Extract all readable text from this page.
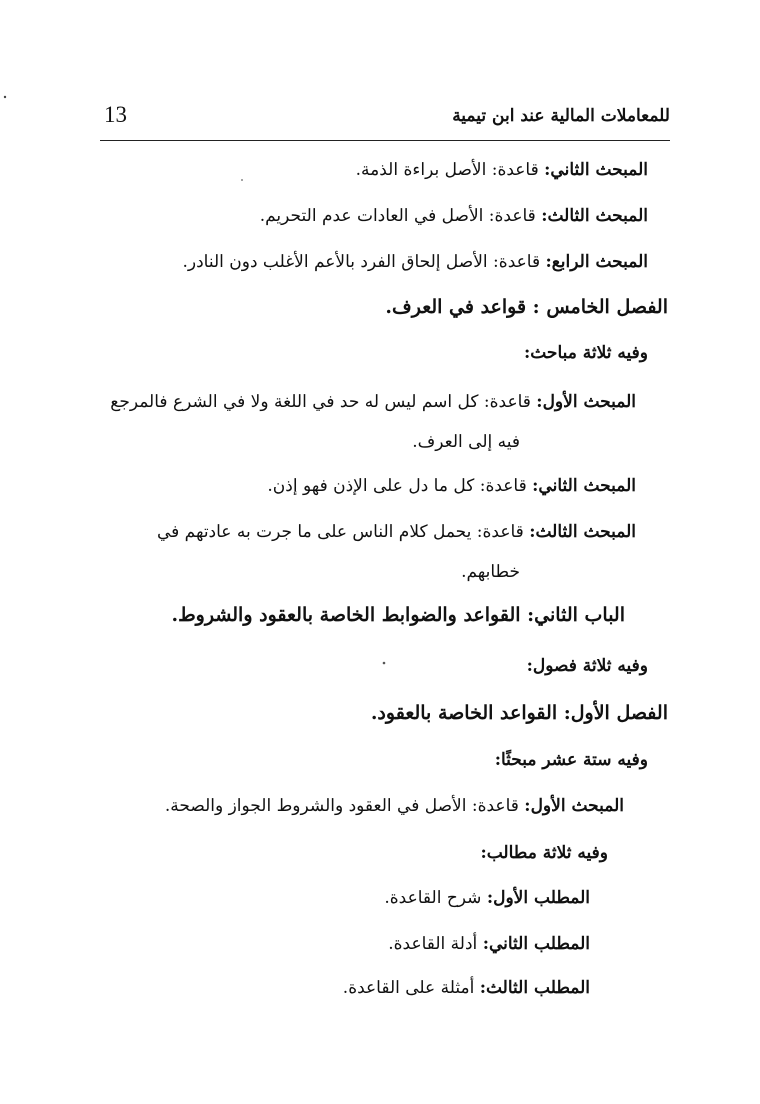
13	للمعاملات المالية عند ابن تيمية
المبحث الثاني: قاعدة: الأصل براءة الذمة.
المبحث الثالث: قاعدة: الأصل في العادات عدم التحريم.
المبحث الرابع: قاعدة: الأصل إلحاق الفرد بالأعم الأغلب دون النادر.
الفصل الخامس : قواعد في العرف.
وفيه ثلاثة مباحث:
المبحث الأول: قاعدة: كل اسم ليس له حد في اللغة ولا في الشرع فالمرجع
فيه إلى العرف.
المبحث الثاني: قاعدة: كل ما دل على الإذن فهو إذن.
المبحث الثالث: قاعدة: يحمل كلام الناس على ما جرت به عادتهم في
خطابهم.
الباب الثاني: القواعد والضوابط الخاصة بالعقود والشروط.
وفيه ثلاثة فصول:
الفصل الأول: القواعد الخاصة بالعقود.
وفيه ستة عشر مبحثًا:
المبحث الأول: قاعدة: الأصل في العقود والشروط الجواز والصحة.
وفيه ثلاثة مطالب:
المطلب الأول: شرح القاعدة.
المطلب الثاني: أدلة القاعدة.
المطلب الثالث: أمثلة على القاعدة.
